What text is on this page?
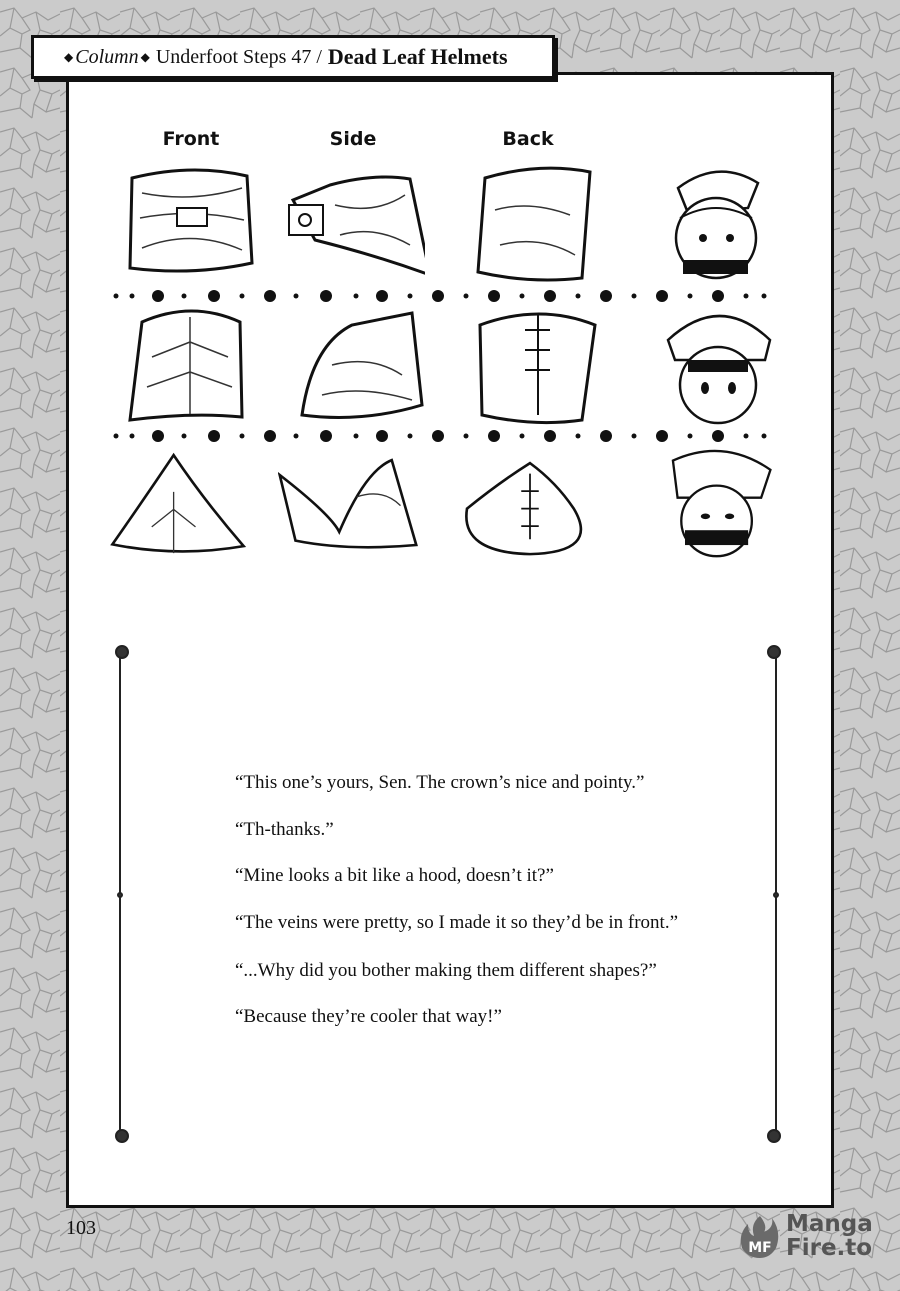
◆ Column ◆ Underfoot Steps 47 / Dead Leaf Helmets
Front	Side	Back
“This one’s yours, Sen. The crown’s nice and pointy.”
“Th-thanks.”
“Mine looks a bit like a hood, doesn’t it?”
“The veins were pretty, so I made it so they’d be in front.”
“...Why did you bother making them different shapes?”
“Because they’re cooler that way!”
103
MF
Manga
Fire.to
